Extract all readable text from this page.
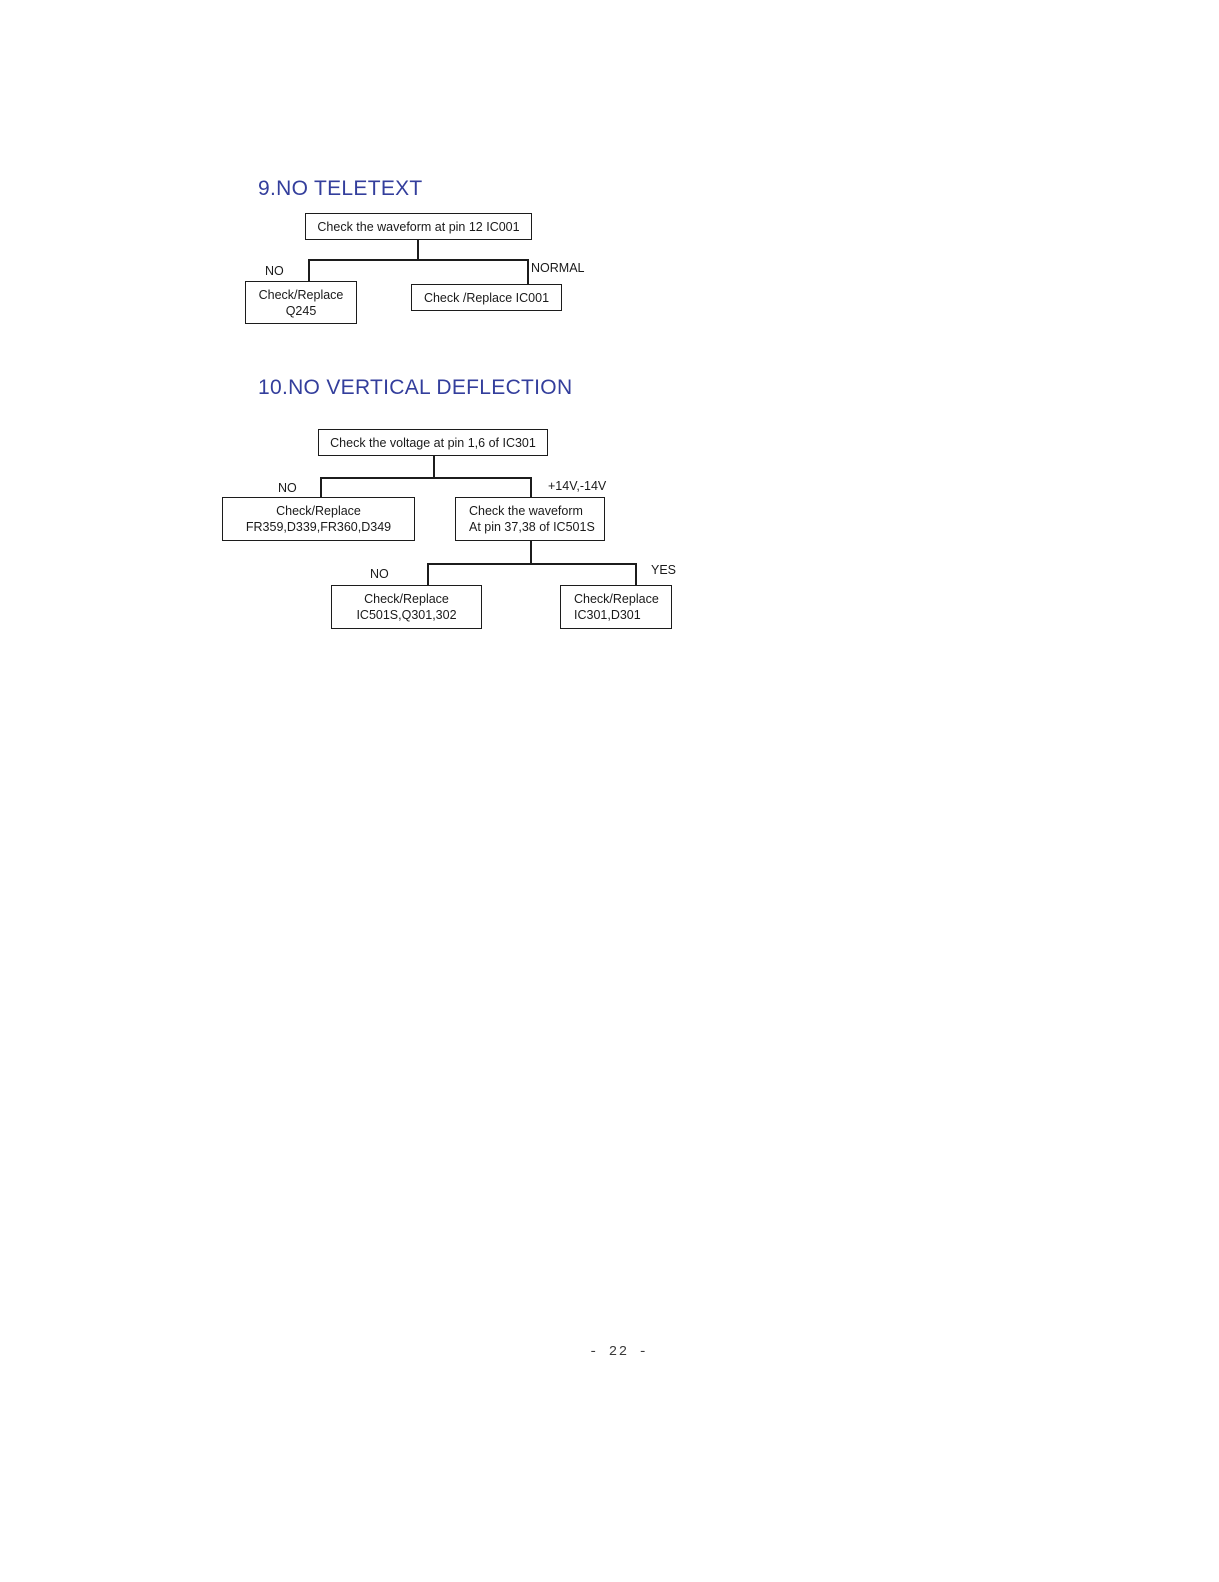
9.NO TELETEXT
Check the waveform at pin 12 IC001
NO	NORMAL
Check/Replace
Q245
Check /Replace IC001
10.NO VERTICAL DEFLECTION
Check the voltage at pin 1,6 of IC301
NO	+14V,-14V
Check/Replace
FR359,D339,FR360,D349
Check the waveform
At pin 37,38 of IC501S
NO	YES
Check/Replace
IC501S,Q301,302
Check/Replace
IC301,D301
- 22 -
